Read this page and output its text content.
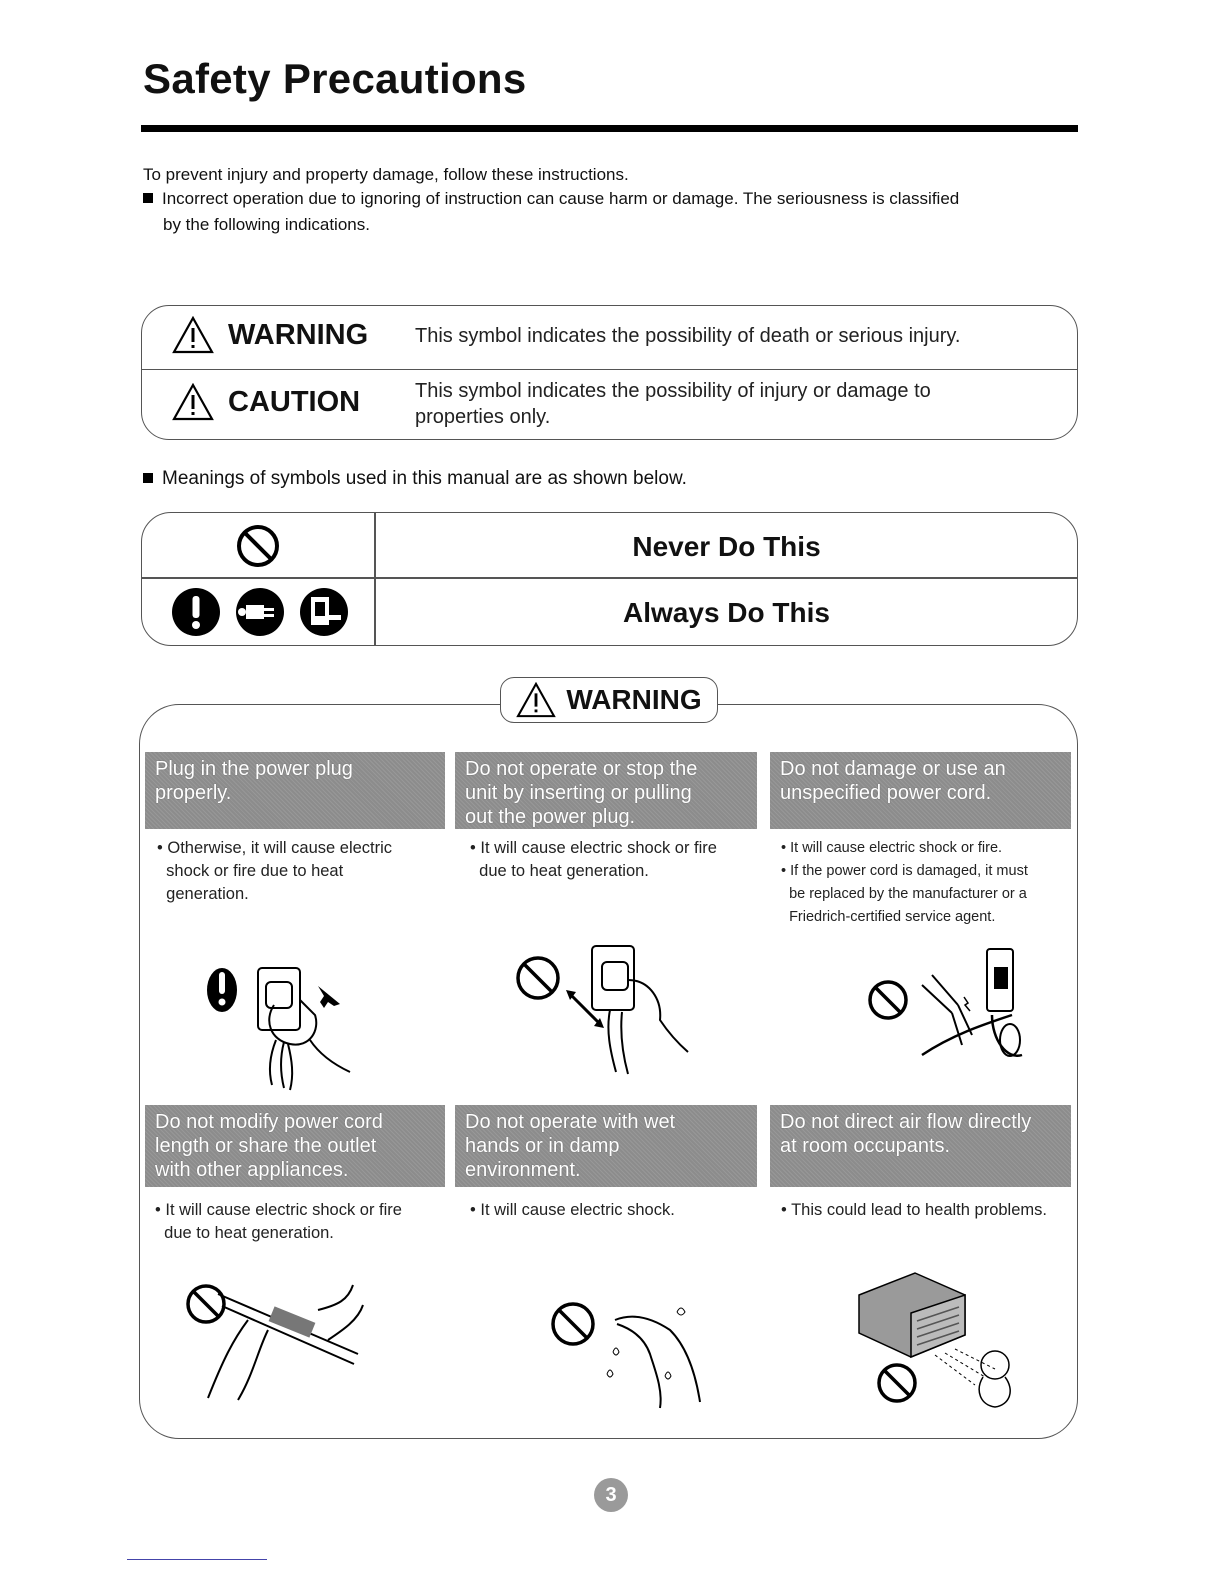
Safety Precautions
To prevent injury and property damage, follow these instructions.
Incorrect operation due to ignoring of instruction can cause harm or damage. The seriousness is classified
by the following indications.
WARNING This symbol indicates the possibility of death or serious injury.
CAUTION	This symbol indicates the possibility of injury or damage to
properties only.
Meanings of symbols used in this manual are as shown below.
Never Do This
Always Do This
WARNING
Plug in the power plug
properly.
• Otherwise, it will cause electric
shock or fire due to heat
generation.
Do not operate or stop the
unit by inserting or pulling
out the power plug.
• It will cause electric shock or fire
due to heat generation.
Do not damage or use an
unspecified power cord.
• It will cause electric shock or fire.
• If the power cord is damaged, it must
be replaced by the manufacturer or a
Friedrich-certified service agent.
Do not modify power cord
length or share the outlet
with other appliances.
• It will cause electric shock or fire
due to heat generation.
Do not operate with wet
hands or in damp
environment.
• It will cause electric shock.
Do not direct air flow directly
at room occupants.
• This could lead to health problems.
3
